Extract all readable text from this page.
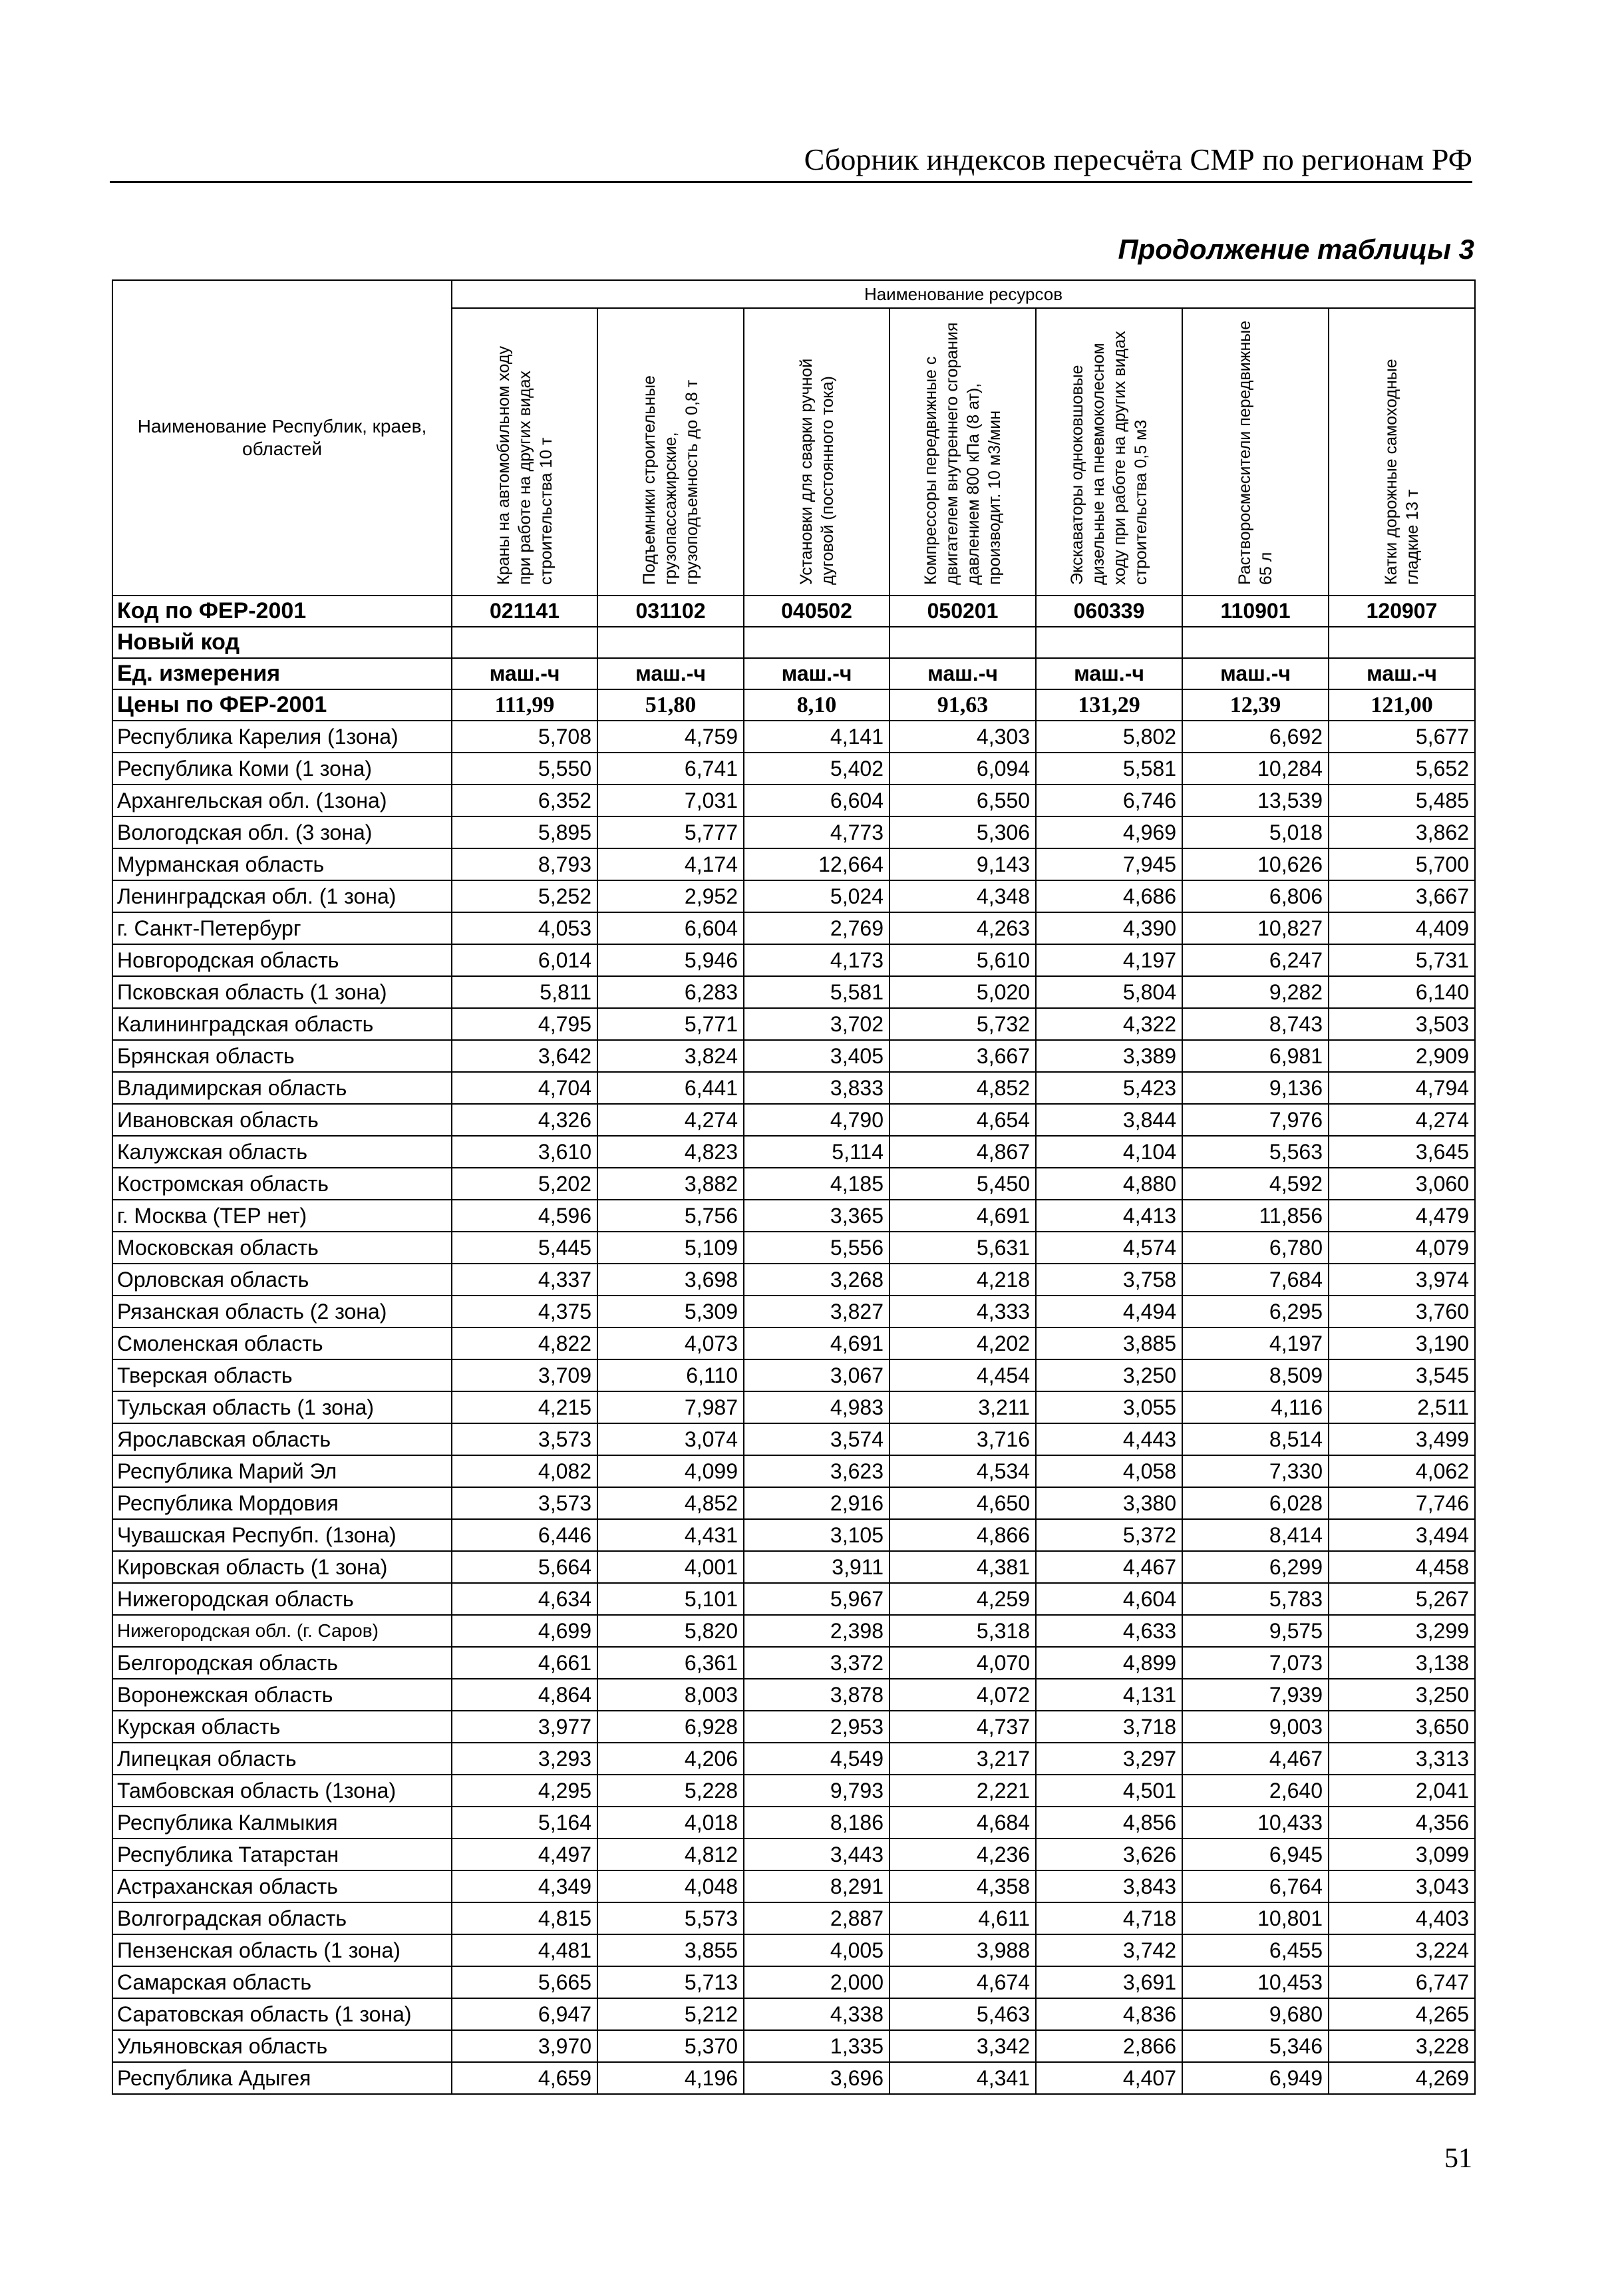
Сборник индексов пересчёта СМР по регионам РФ
Продолжение таблицы 3
Наименование Республик, краев, областей	Наименование ресурсов						

	Краны на автомобильном ходу при работе на других видах строительства 10 т	Подъемники строительные грузопассажирские, грузоподъемность до 0,8 т	Установки для сварки ручной дуговой (постоянного тока)	Компрессоры передвижные с двигателем внутреннего сгорания давлением 800 кПа (8 ат), производит. 10 м3/мин	Экскаваторы одноковшовые дизельные на пневмоколесном ходу при работе на других видах строительства 0,5 м3	Растворосмесители передвижные 65 л	Катки дорожные самоходные гладкие 13 т

Код по ФЕР-2001	021141	031102	040502	050201	060339	110901	120907
Новый код							
Ед. измерения	маш.-ч	маш.-ч	маш.-ч	маш.-ч	маш.-ч	маш.-ч	маш.-ч
Цены по ФЕР-2001	111,99	51,80	8,10	91,63	131,29	12,39	121,00
Республика Карелия (1зона)	5,708	4,759	4,141	4,303	5,802	6,692	5,677
Республика Коми (1 зона)	5,550	6,741	5,402	6,094	5,581	10,284	5,652
Архангельская обл. (1зона)	6,352	7,031	6,604	6,550	6,746	13,539	5,485
Вологодская обл. (3 зона)	5,895	5,777	4,773	5,306	4,969	5,018	3,862
Мурманская область	8,793	4,174	12,664	9,143	7,945	10,626	5,700
Ленинградская обл. (1 зона)	5,252	2,952	5,024	4,348	4,686	6,806	3,667
г. Санкт-Петербург	4,053	6,604	2,769	4,263	4,390	10,827	4,409
Новгородская область	6,014	5,946	4,173	5,610	4,197	6,247	5,731
Псковская область (1 зона)	5,811	6,283	5,581	5,020	5,804	9,282	6,140
Калининградская область	4,795	5,771	3,702	5,732	4,322	8,743	3,503
Брянская область	3,642	3,824	3,405	3,667	3,389	6,981	2,909
Владимирская область	4,704	6,441	3,833	4,852	5,423	9,136	4,794
Ивановская область	4,326	4,274	4,790	4,654	3,844	7,976	4,274
Калужская область	3,610	4,823	5,114	4,867	4,104	5,563	3,645
Костромская область	5,202	3,882	4,185	5,450	4,880	4,592	3,060
г. Москва (ТЕР нет)	4,596	5,756	3,365	4,691	4,413	11,856	4,479
Московская область	5,445	5,109	5,556	5,631	4,574	6,780	4,079
Орловская область	4,337	3,698	3,268	4,218	3,758	7,684	3,974
Рязанская область (2 зона)	4,375	5,309	3,827	4,333	4,494	6,295	3,760
Смоленская область	4,822	4,073	4,691	4,202	3,885	4,197	3,190
Тверская область	3,709	6,110	3,067	4,454	3,250	8,509	3,545
Тульская область (1 зона)	4,215	7,987	4,983	3,211	3,055	4,116	2,511
Ярославская область	3,573	3,074	3,574	3,716	4,443	8,514	3,499
Республика Марий Эл	4,082	4,099	3,623	4,534	4,058	7,330	4,062
Республика Мордовия	3,573	4,852	2,916	4,650	3,380	6,028	7,746
Чувашская Респубп. (1зона)	6,446	4,431	3,105	4,866	5,372	8,414	3,494
Кировская область (1 зона)	5,664	4,001	3,911	4,381	4,467	6,299	4,458
Нижегородская область	4,634	5,101	5,967	4,259	4,604	5,783	5,267
Нижегородская обл. (г. Саров)	4,699	5,820	2,398	5,318	4,633	9,575	3,299
Белгородская область	4,661	6,361	3,372	4,070	4,899	7,073	3,138
Воронежская область	4,864	8,003	3,878	4,072	4,131	7,939	3,250
Курская область	3,977	6,928	2,953	4,737	3,718	9,003	3,650
Липецкая область	3,293	4,206	4,549	3,217	3,297	4,467	3,313
Тамбовская область (1зона)	4,295	5,228	9,793	2,221	4,501	2,640	2,041
Республика Калмыкия	5,164	4,018	8,186	4,684	4,856	10,433	4,356
Республика Татарстан	4,497	4,812	3,443	4,236	3,626	6,945	3,099
Астраханская область	4,349	4,048	8,291	4,358	3,843	6,764	3,043
Волгоградская область	4,815	5,573	2,887	4,611	4,718	10,801	4,403
Пензенская область (1 зона)	4,481	3,855	4,005	3,988	3,742	6,455	3,224
Самарская область	5,665	5,713	2,000	4,674	3,691	10,453	6,747
Саратовская область (1 зона)	6,947	5,212	4,338	5,463	4,836	9,680	4,265
Ульяновская область	3,970	5,370	1,335	3,342	2,866	5,346	3,228
Республика Адыгея	4,659	4,196	3,696	4,341	4,407	6,949	4,269
51
